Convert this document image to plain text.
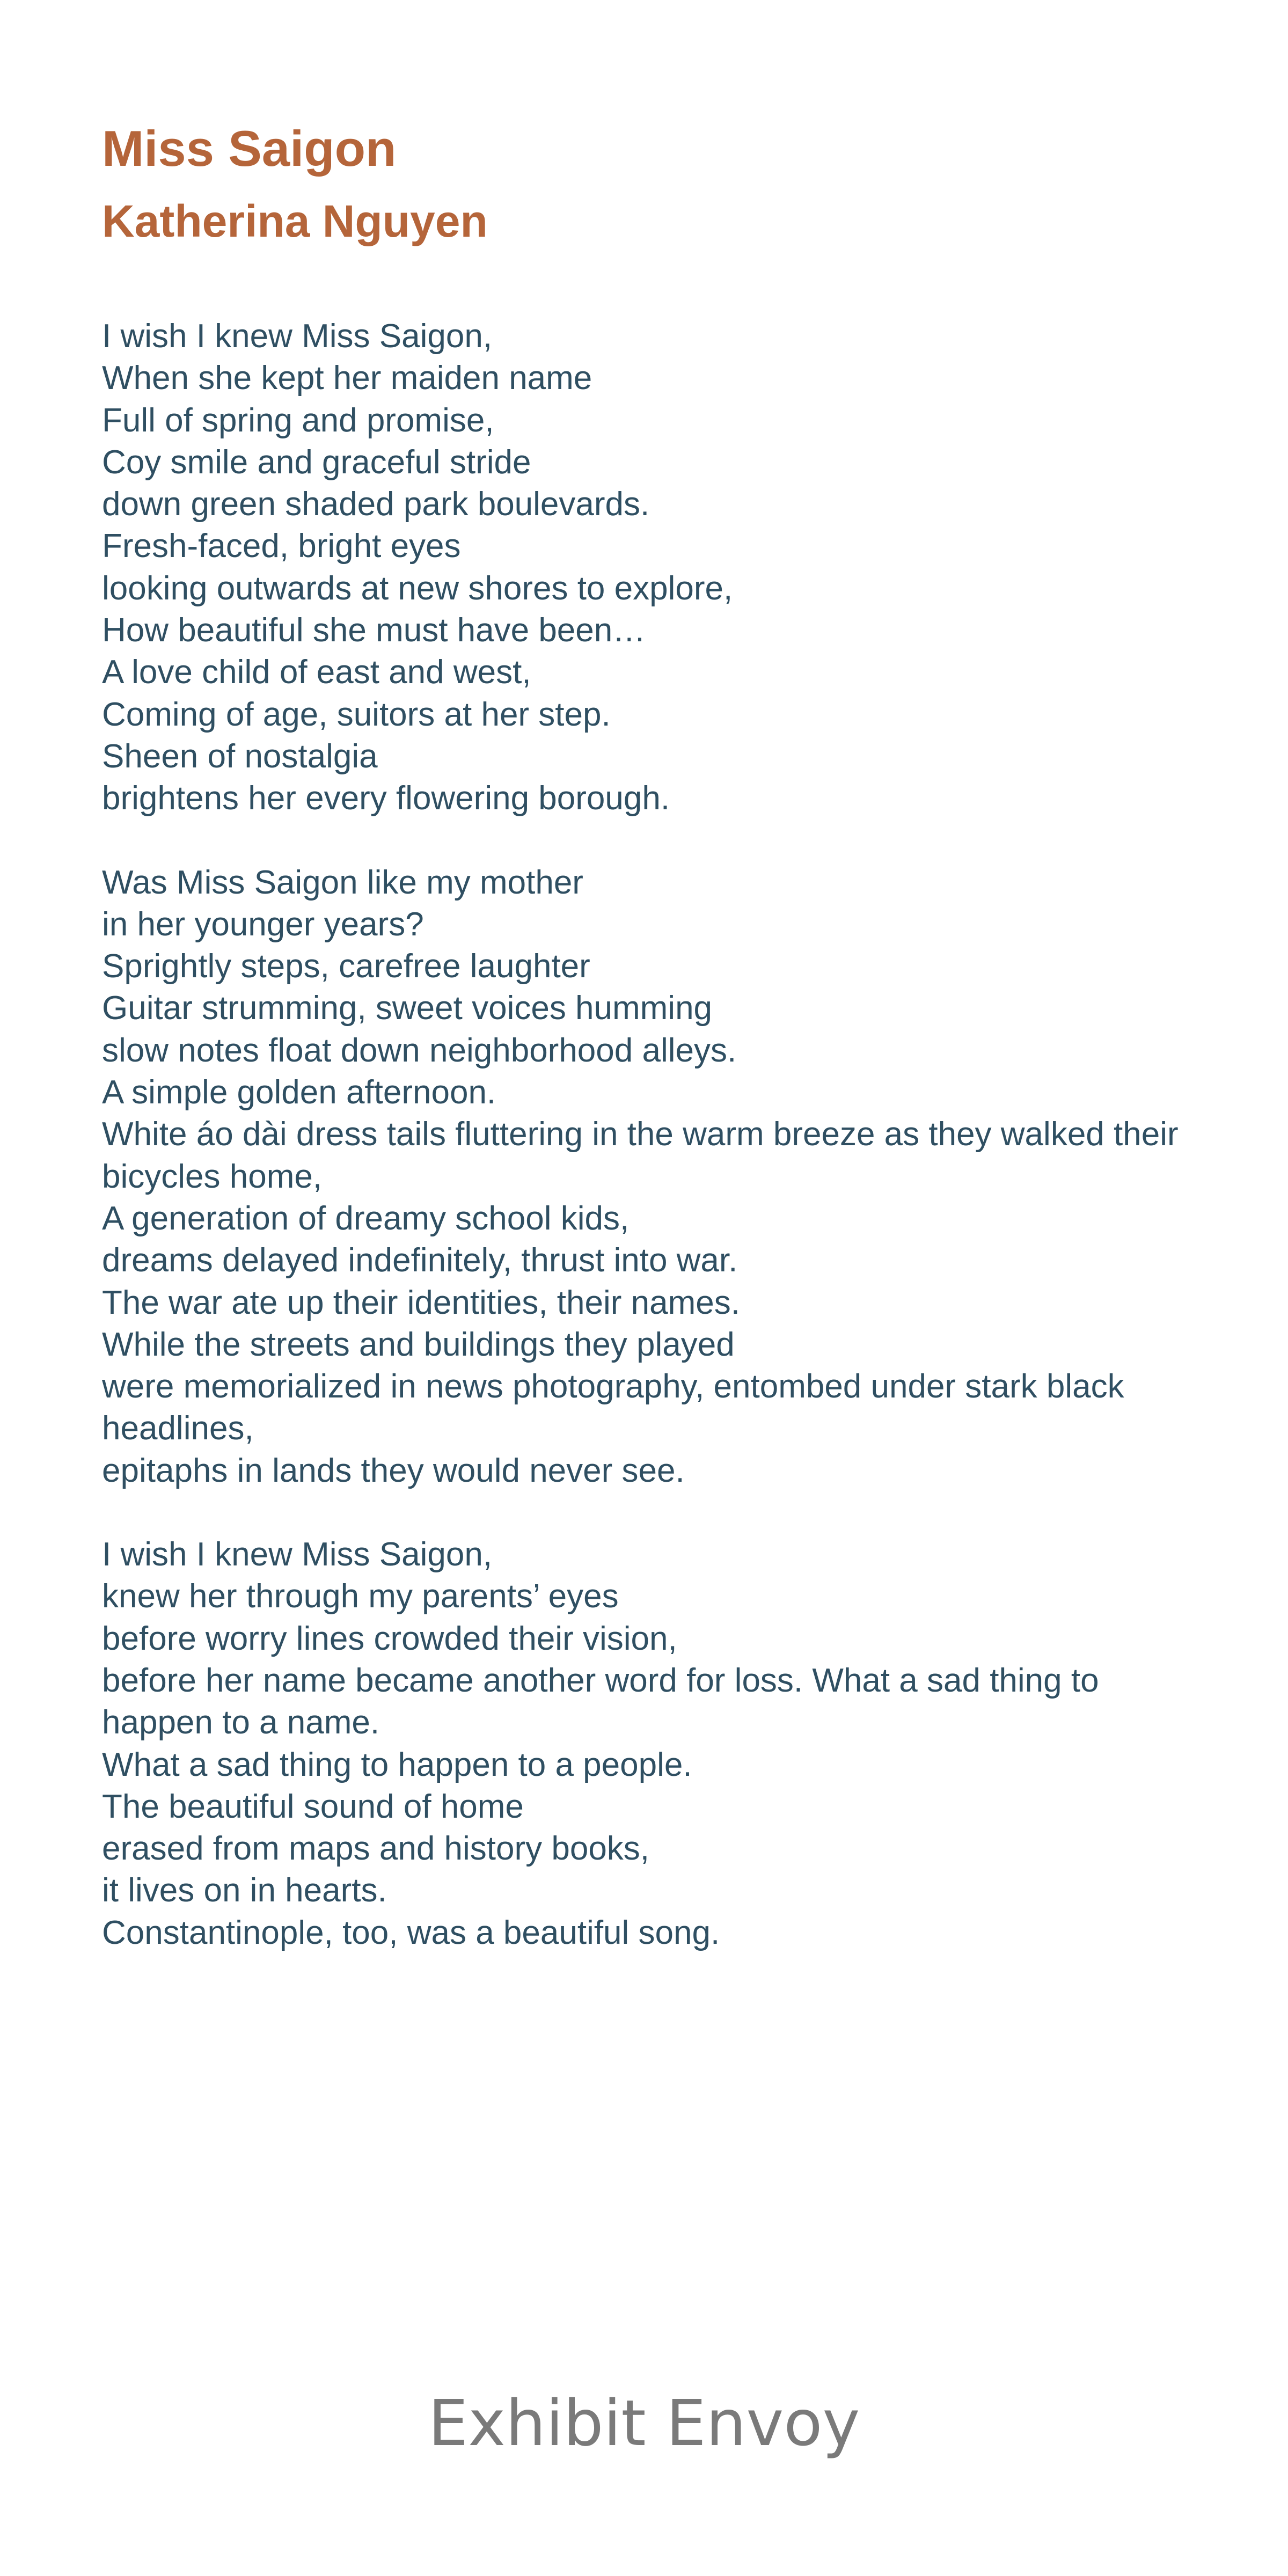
Miss Saigon
Katherina Nguyen

I wish I knew Miss Saigon,
When she kept her maiden name
Full of spring and promise,
Coy smile and graceful stride
down green shaded park boulevards.
Fresh-faced, bright eyes
looking outwards at new shores to explore,
How beautiful she must have been…
A love child of east and west,
Coming of age, suitors at her step.
Sheen of nostalgia
brightens her every flowering borough.

Was Miss Saigon like my mother
in her younger years?
Sprightly steps, carefree laughter
Guitar strumming, sweet voices humming
slow notes float down neighborhood alleys.
A simple golden afternoon.
White áo dài dress tails fluttering in the warm breeze as they walked their bicycles home,
A generation of dreamy school kids,
dreams delayed indefinitely, thrust into war.
The war ate up their identities, their names.
While the streets and buildings they played
were memorialized in news photography, entombed under stark black headlines,
epitaphs in lands they would never see.

I wish I knew Miss Saigon,
knew her through my parents’ eyes
before worry lines crowded their vision,
before her name became another word for loss. What a sad thing to happen to a name.
What a sad thing to happen to a people.
The beautiful sound of home
erased from maps and history books,
it lives on in hearts.
Constantinople, too, was a beautiful song.

Exhibit Envoy
